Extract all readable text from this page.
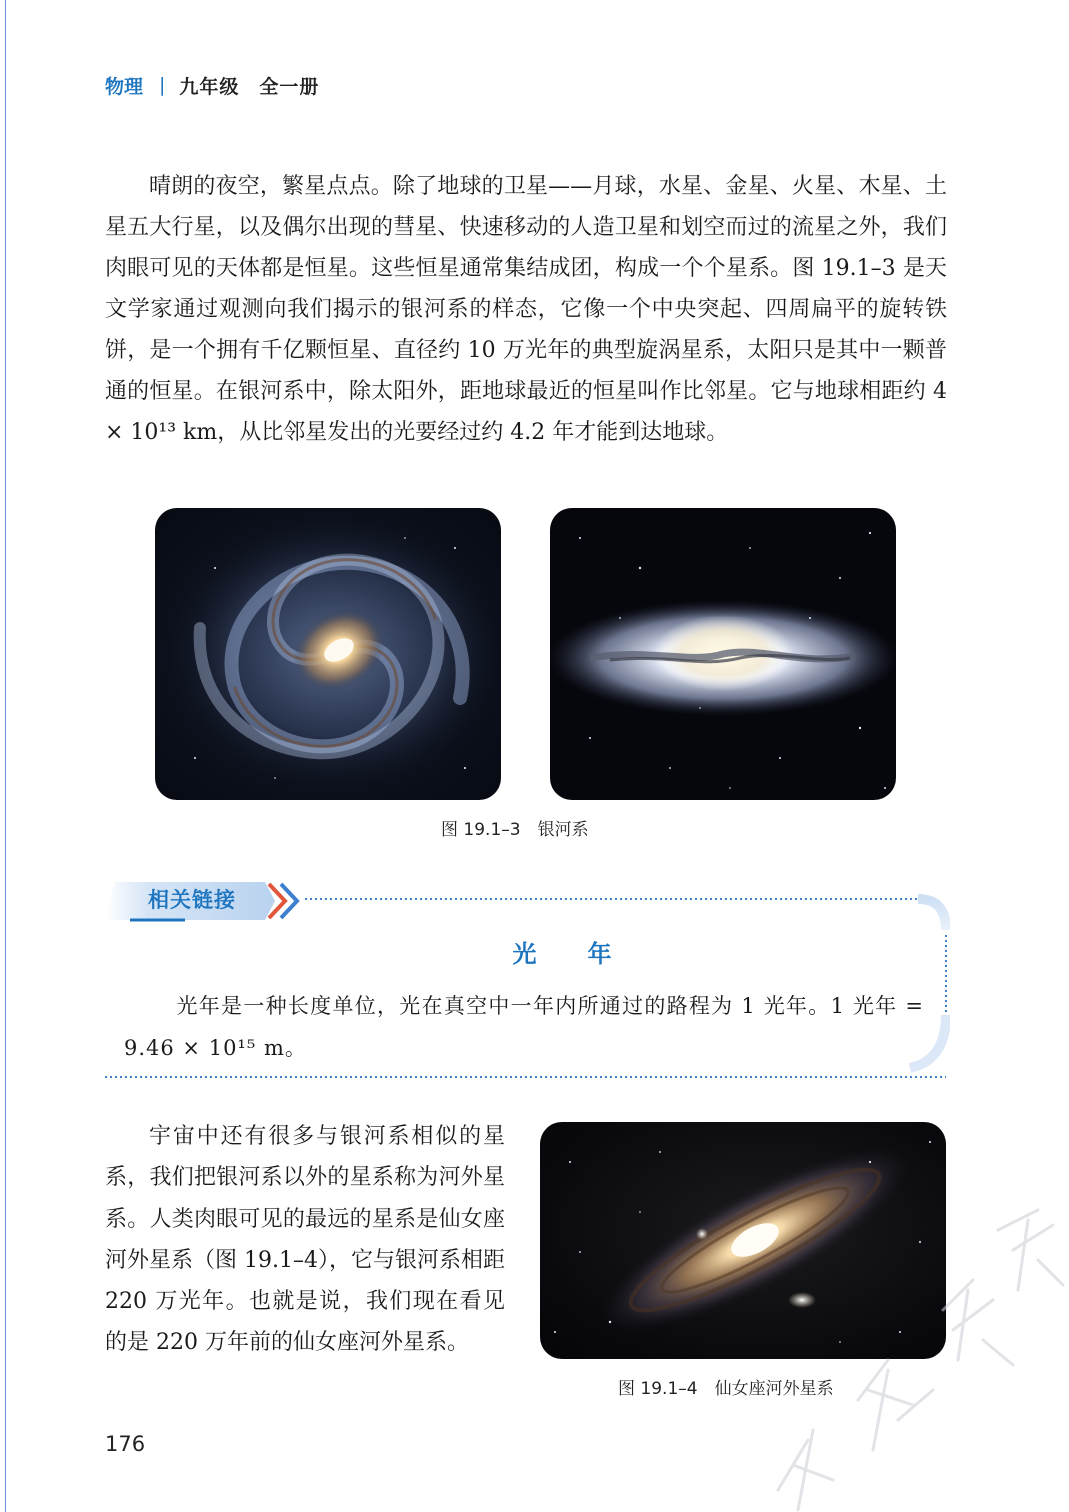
物理 | 九年级　全一册

晴朗的夜空，繁星点点。除了地球的卫星——月球，水星、金星、火星、木星、土星五大行星，以及偶尔出现的彗星、快速移动的人造卫星和划空而过的流星之外，我们肉眼可见的天体都是恒星。这些恒星通常集结成团，构成一个个星系。图 19.1–3 是天文学家通过观测向我们揭示的银河系的样态，它像一个中央突起、四周扁平的旋转铁饼，是一个拥有千亿颗恒星、直径约 10 万光年的典型旋涡星系，太阳只是其中一颗普通的恒星。在银河系中，除太阳外，距地球最近的恒星叫作比邻星。它与地球相距约 4 × 10¹³ km，从比邻星发出的光要经过约 4.2 年才能到达地球。

图 19.1–3　银河系
相关链接
光　　年

光年是一种长度单位，光在真空中一年内所通过的路程为 1 光年。1 光年 = 9.46 × 10¹⁵ m。

宇宙中还有很多与银河系相似的星系，我们把银河系以外的星系称为河外星系。人类肉眼可见的最远的星系是仙女座河外星系（图 19.1–4），它与银河系相距 220 万光年。也就是说，我们现在看见的是 220 万年前的仙女座河外星系。

图 19.1–4　仙女座河外星系
176
